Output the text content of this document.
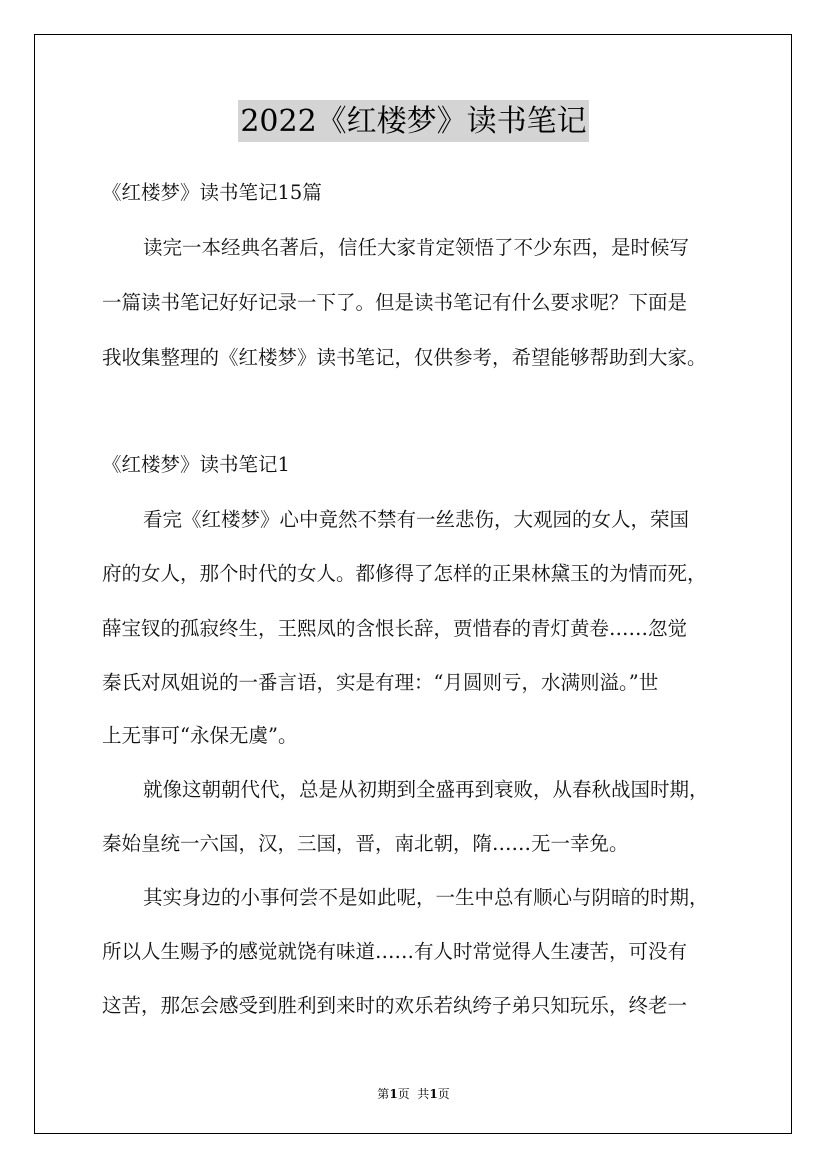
2022《红楼梦》读书笔记
《红楼梦》读书笔记15篇
读完一本经典名著后，信任大家肯定领悟了不少东西，是时候写
一篇读书笔记好好记录一下了。但是读书笔记有什么要求呢？下面是
我收集整理的《红楼梦》读书笔记，仅供参考，希望能够帮助到大家。
《红楼梦》读书笔记1
看完《红楼梦》心中竟然不禁有一丝悲伤，大观园的女人，荣国
府的女人，那个时代的女人。都修得了怎样的正果林黛玉的为情而死，
薛宝钗的孤寂终生，王熙凤的含恨长辞，贾惜春的青灯黄卷……忽觉
秦氏对凤姐说的一番言语，实是有理：“月圆则亏，水满则溢。”世
上无事可“永保无虞”。
就像这朝朝代代，总是从初期到全盛再到衰败，从春秋战国时期，
秦始皇统一六国，汉，三国，晋，南北朝，隋……无一幸免。
其实身边的小事何尝不是如此呢，一生中总有顺心与阴暗的时期，
所以人生赐予的感觉就饶有味道……有人时常觉得人生凄苦，可没有
这苦，那怎会感受到胜利到来时的欢乐若纨绔子弟只知玩乐，终老一
第1页  共1页
